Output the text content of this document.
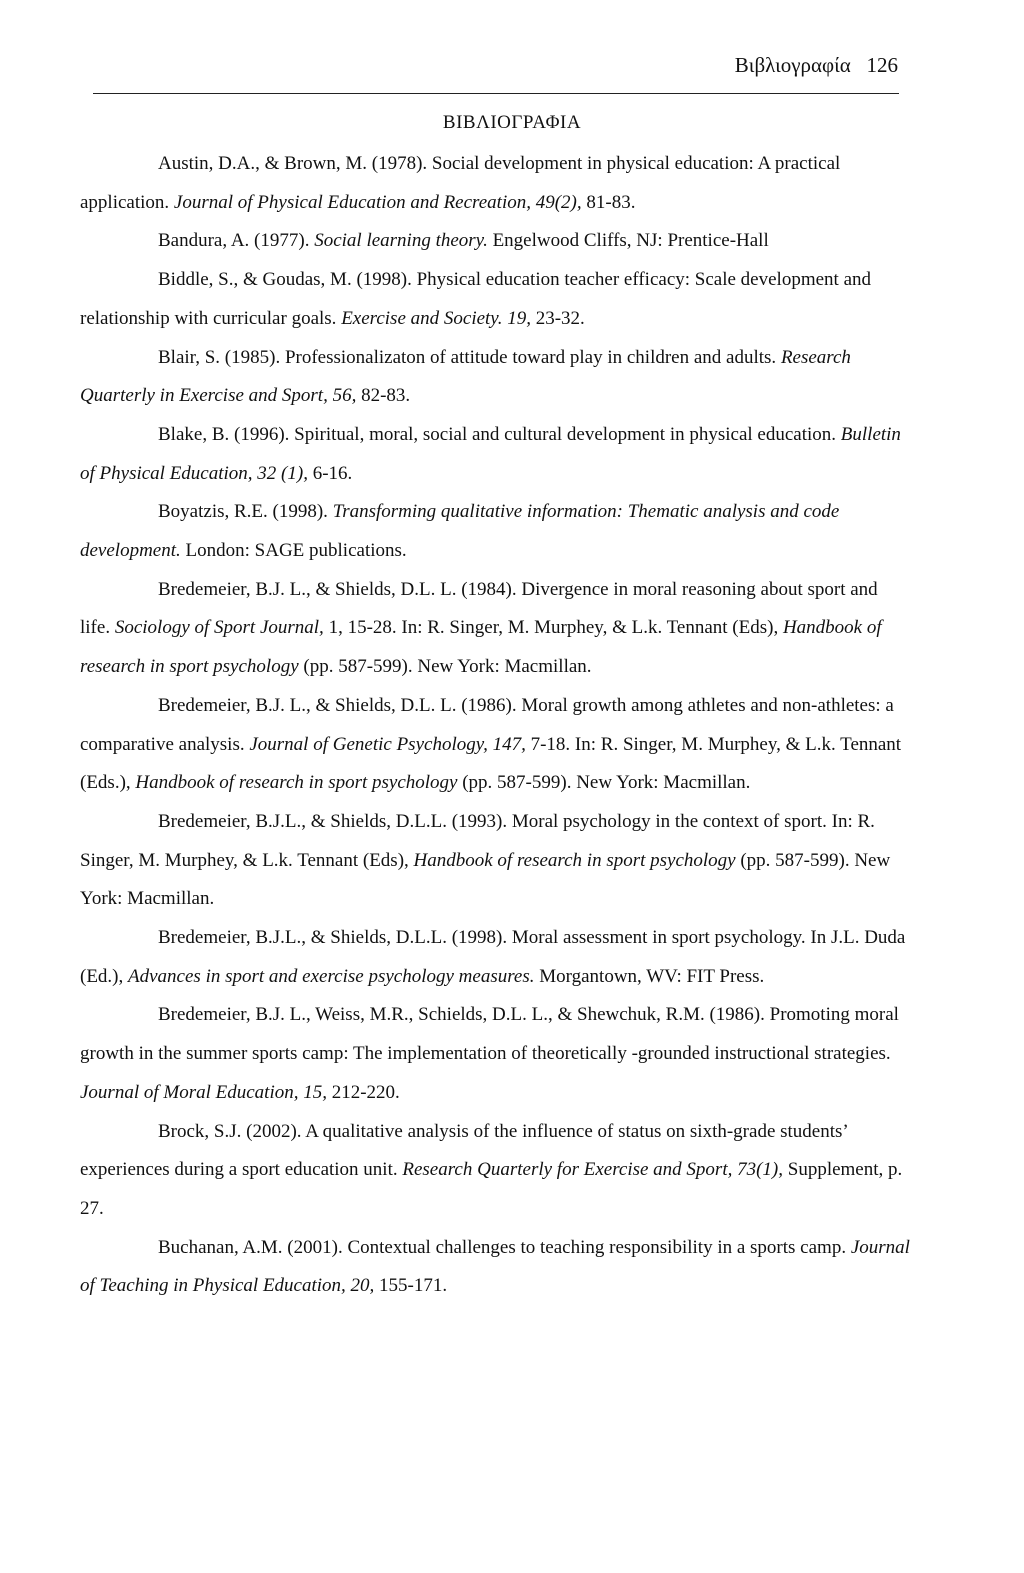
Βιβλιογραφία 126
ΒΙΒΛΙΟΓΡΑΦΙΑ

Austin, D.A., & Brown, M. (1978). Social development in physical education: A practical application. Journal of Physical Education and Recreation, 49(2), 81-83.

Bandura, A. (1977). Social learning theory. Engelwood Cliffs, NJ: Prentice-Hall

Biddle, S., & Goudas, M. (1998). Physical education teacher efficacy: Scale development and relationship with curricular goals. Exercise and Society. 19, 23-32.

Blair, S. (1985). Professionalizaton of attitude toward play in children and adults. Research Quarterly in Exercise and Sport, 56, 82-83.

Blake, B. (1996). Spiritual, moral, social and cultural development in physical education. Bulletin of Physical Education, 32 (1), 6-16.

Boyatzis, R.E. (1998). Transforming qualitative information: Thematic analysis and code development. London: SAGE publications.

Bredemeier, B.J. L., & Shields, D.L. L. (1984). Divergence in moral reasoning about sport and life. Sociology of Sport Journal, 1, 15-28. In: R. Singer, M. Murphey, & L.k. Tennant (Eds), Handbook of research in sport psychology (pp. 587-599). New York: Macmillan.

Bredemeier, B.J. L., & Shields, D.L. L. (1986). Moral growth among athletes and non-athletes: a comparative analysis. Journal of Genetic Psychology, 147, 7-18. In: R. Singer, M. Murphey, & L.k. Tennant (Eds.), Handbook of research in sport psychology (pp. 587-599). New York: Macmillan.

Bredemeier, B.J.L., & Shields, D.L.L. (1993). Moral psychology in the context of sport. In: R. Singer, M. Murphey, & L.k. Tennant (Eds), Handbook of research in sport psychology (pp. 587-599). New York: Macmillan.

Bredemeier, B.J.L., & Shields, D.L.L. (1998). Moral assessment in sport psychology. In J.L. Duda (Ed.), Advances in sport and exercise psychology measures. Morgantown, WV: FIT Press.

Bredemeier, B.J. L., Weiss, M.R., Schields, D.L. L., & Shewchuk, R.M. (1986). Promoting moral growth in the summer sports camp: The implementation of theoretically -grounded instructional strategies. Journal of Moral Education, 15, 212-220.

Brock, S.J. (2002). A qualitative analysis of the influence of status on sixth-grade students’ experiences during a sport education unit. Research Quarterly for Exercise and Sport, 73(1), Supplement, p. 27.

Buchanan, A.M. (2001). Contextual challenges to teaching responsibility in a sports camp. Journal of Teaching in Physical Education, 20, 155-171.
